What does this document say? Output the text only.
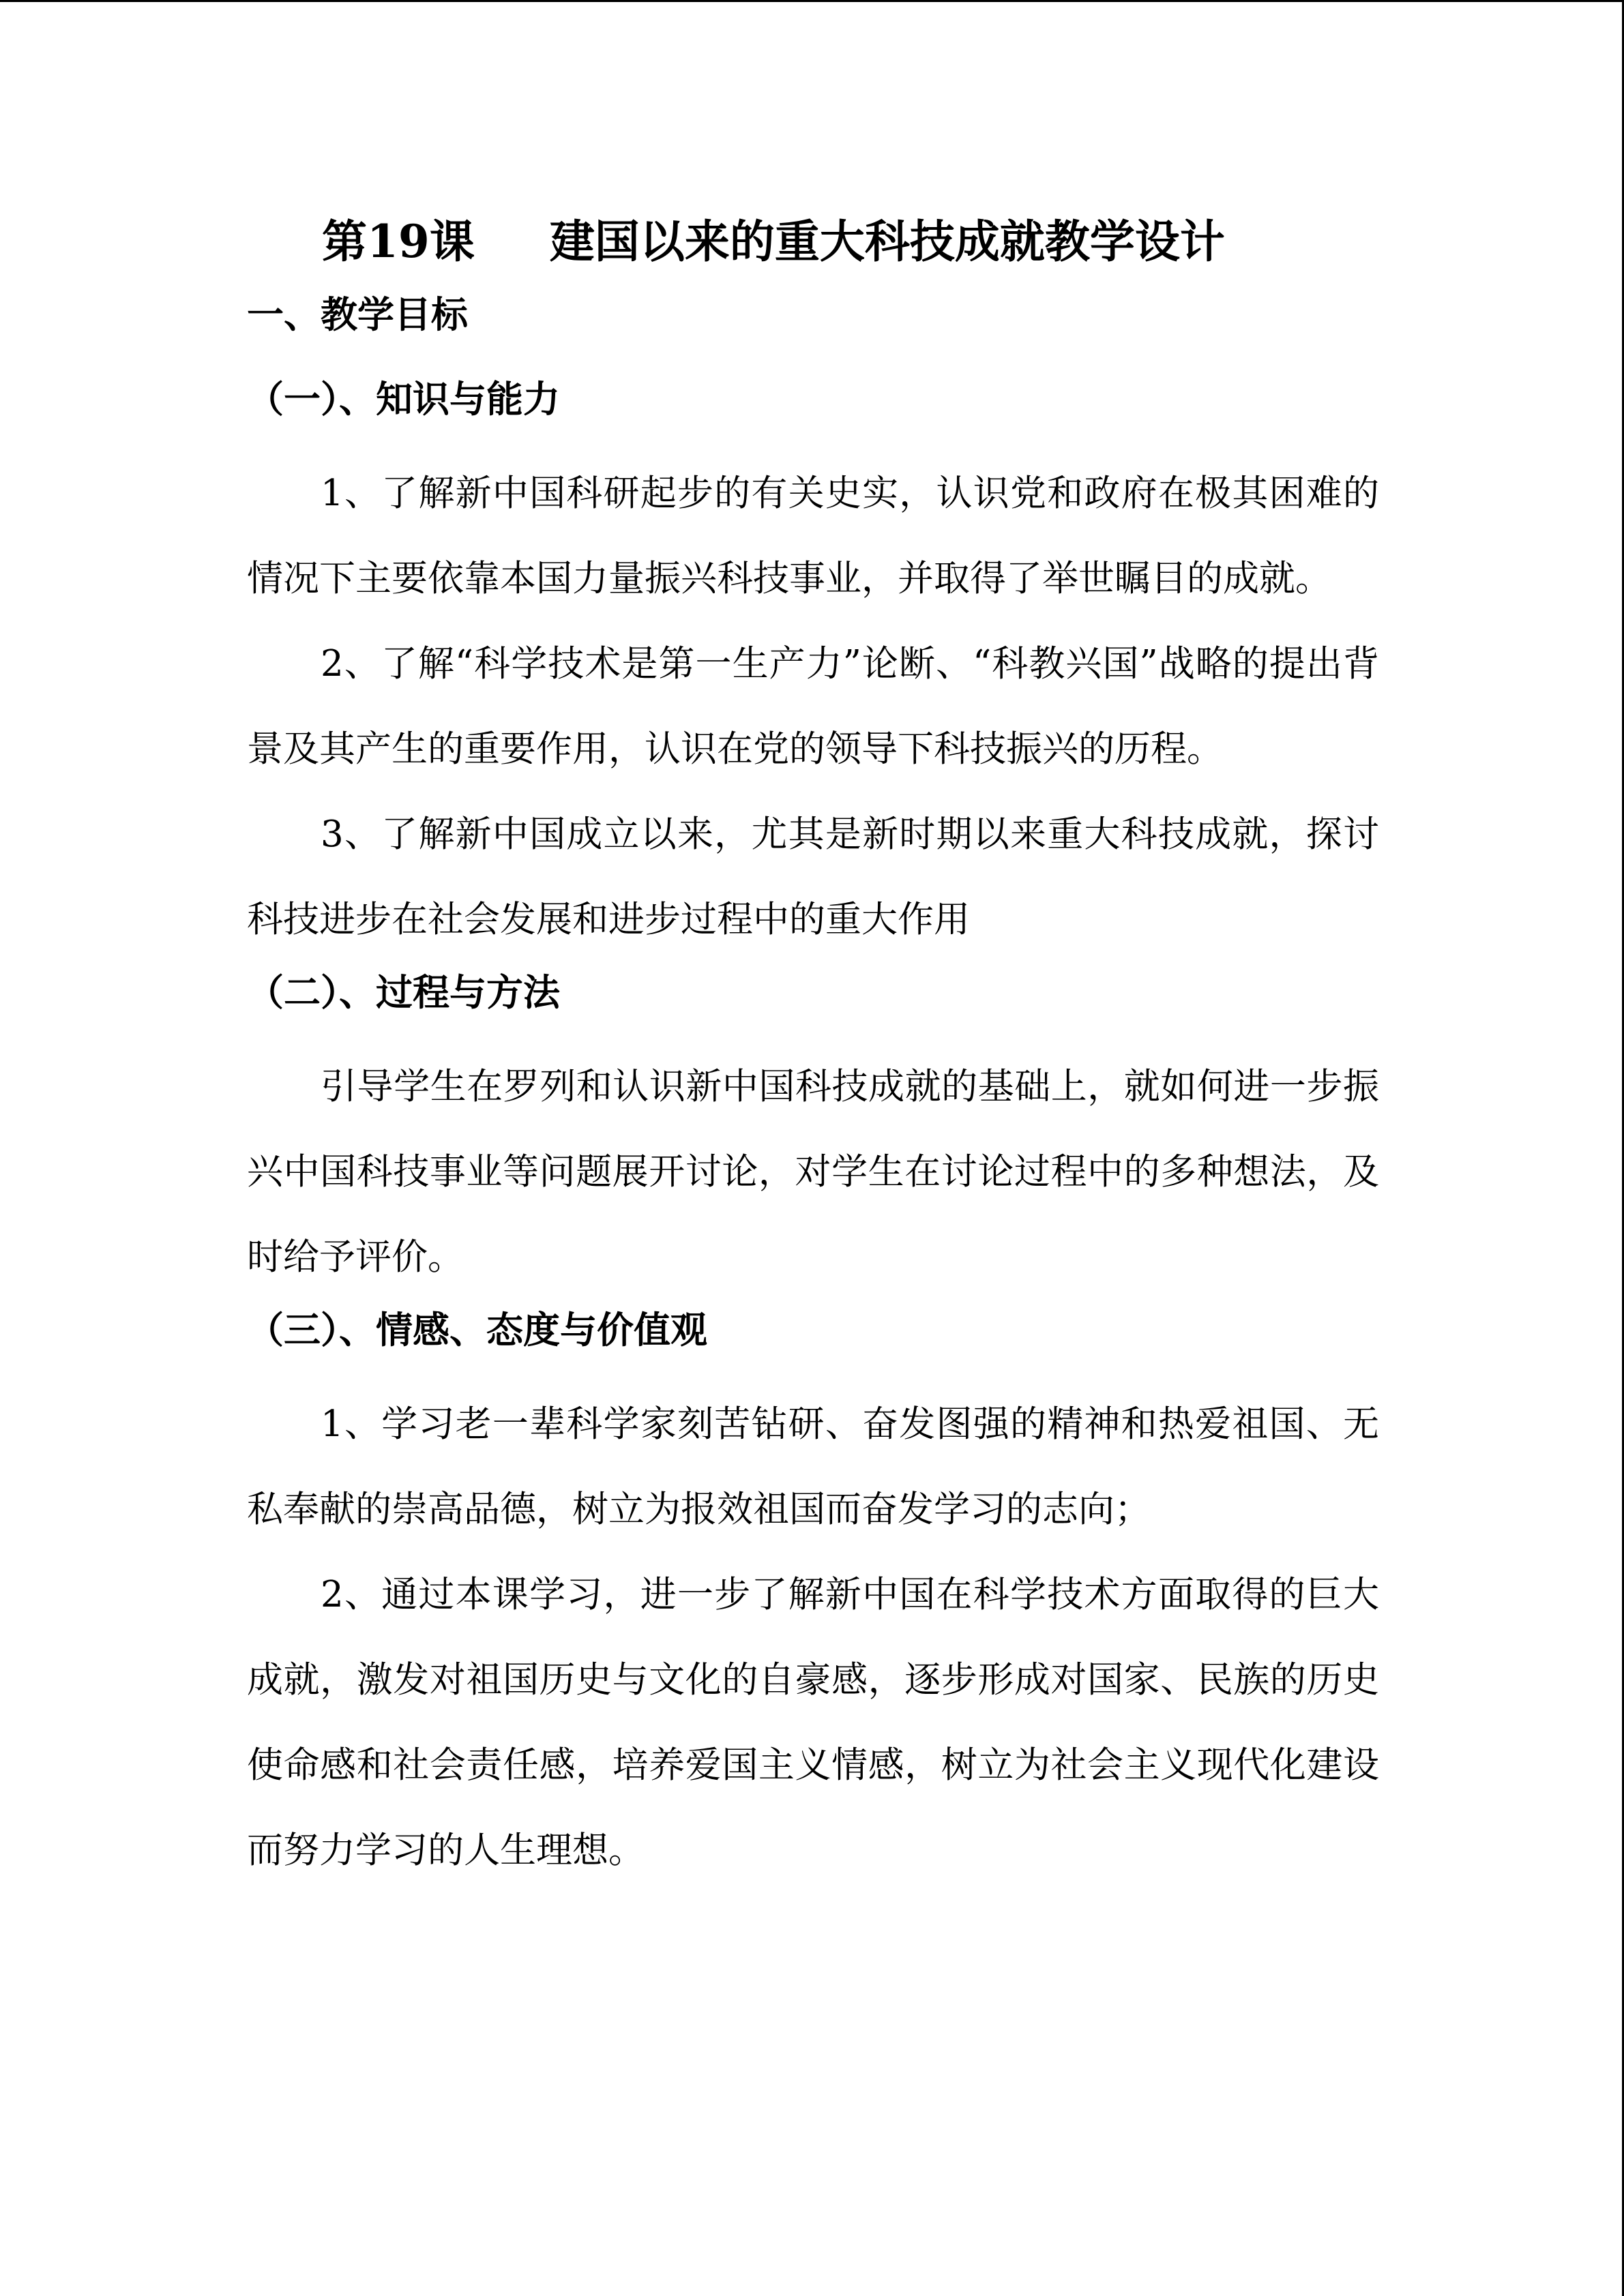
第19课 建国以来的重大科技成就教学设计
一、教学目标
（一）、知识与能力

1、了解新中国科研起步的有关史实，认识党和政府在极其困难的情况下主要依靠本国力量振兴科技事业，并取得了举世瞩目的成就。

2、了解“科学技术是第一生产力”论断、“科教兴国”战略的提出背景及其产生的重要作用，认识在党的领导下科技振兴的历程。

3、了解新中国成立以来，尤其是新时期以来重大科技成就，探讨科技进步在社会发展和进步过程中的重大作用

（二）、过程与方法

引导学生在罗列和认识新中国科技成就的基础上，就如何进一步振兴中国科技事业等问题展开讨论，对学生在讨论过程中的多种想法，及时给予评价。

（三）、情感、态度与价值观

1、学习老一辈科学家刻苦钻研、奋发图强的精神和热爱祖国、无私奉献的崇高品德，树立为报效祖国而奋发学习的志向；

2、通过本课学习，进一步了解新中国在科学技术方面取得的巨大成就，激发对祖国历史与文化的自豪感，逐步形成对国家、民族的历史使命感和社会责任感，培养爱国主义情感，树立为社会主义现代化建设而努力学习的人生理想。
